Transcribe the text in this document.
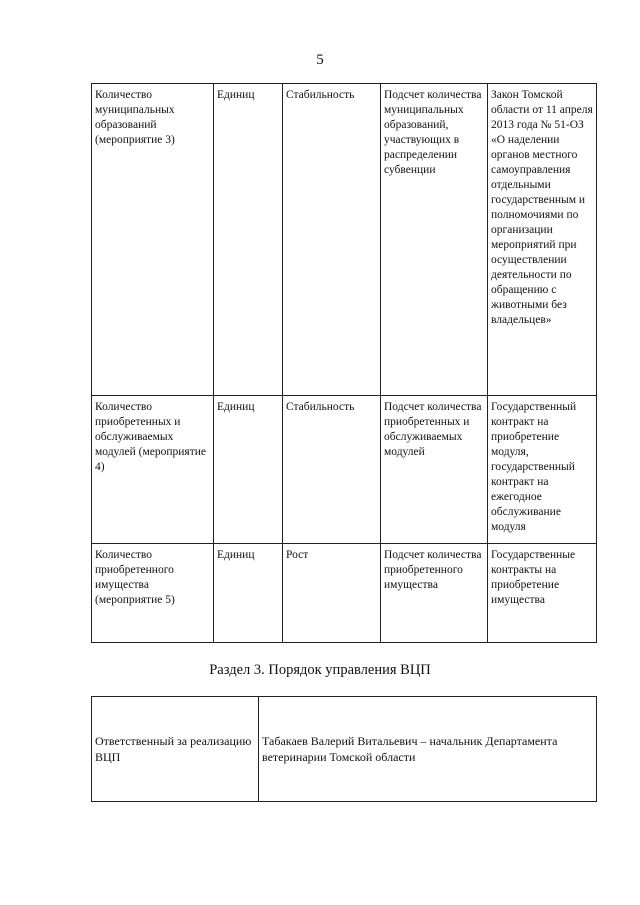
5
Количество муниципальных образований (мероприятие 3)	Единиц	Стабильность	Подсчет количества муниципальных образований, участвующих в распределении субвенции	Закон Томской области от 11 апреля 2013 года № 51-ОЗ «О наделении органов местного самоуправления отдельными государственным и полномочиями по организации мероприятий при осуществлении деятельности по обращению с животными без владельцев»
Количество приобретенных и обслуживаемых модулей (мероприятие 4)	Единиц	Стабильность	Подсчет количества приобретенных и обслуживаемых модулей	Государственный контракт на приобретение модуля, государственный контракт на ежегодное обслуживание модуля
Количество приобретенного имущества (мероприятие 5)	Единиц	Рост	Подсчет количества приобретенного имущества	Государственные контракты на приобретение имущества
Раздел 3. Порядок управления ВЦП
Ответственный за реализацию ВЦП	Табакаев Валерий Витальевич – начальник Департамента ветеринарии Томской области
